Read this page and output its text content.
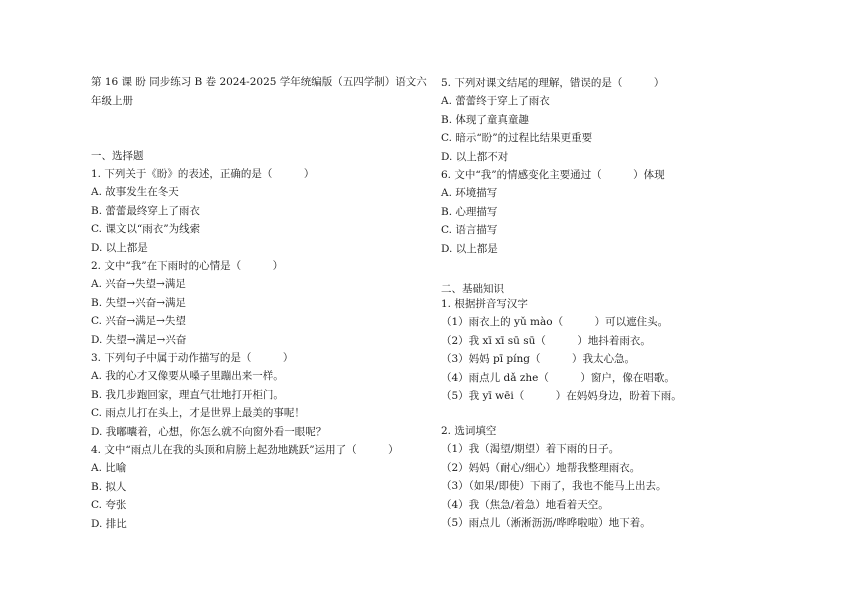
第 16 课 盼 同步练习 B 卷 2024-2025 学年统编版（五四学制）语文六年级上册
一、选择题
1. 下列关于《盼》的表述，正确的是（　　　）
A. 故事发生在冬天
B. 蕾蕾最终穿上了雨衣
C. 课文以“雨衣”为线索
D. 以上都是
2. 文中“我”在下雨时的心情是（　　　）
A. 兴奋→失望→满足
B. 失望→兴奋→满足
C. 兴奋→满足→失望
D. 失望→满足→兴奋
3. 下列句子中属于动作描写的是（　　　）
A. 我的心才又像要从嗓子里蹦出来一样。
B. 我几步跑回家，理直气壮地打开柜门。
C. 雨点儿打在头上，才是世界上最美的事呢！
D. 我嘟囔着，心想，你怎么就不向窗外看一眼呢？
4. 文中“雨点儿在我的头顶和肩膀上起劲地跳跃”运用了（　　　）
A. 比喻
B. 拟人
C. 夸张
D. 排比
5. 下列对课文结尾的理解，错误的是（　　　）
A. 蕾蕾终于穿上了雨衣
B. 体现了童真童趣
C. 暗示“盼”的过程比结果更重要
D. 以上都不对
6. 文中“我”的情感变化主要通过（　　　）体现
A. 环境描写
B. 心理描写
C. 语言描写
D. 以上都是
二、基础知识
1. 根据拼音写汉字
（1）雨衣上的 yǔ mào（　　　）可以遮住头。
（2）我 xī xī sū sū（　　　）地抖着雨衣。
（3）妈妈 pī píng（　　　）我太心急。
（4）雨点儿 dǎ zhe（　　　）窗户，像在唱歌。
（5）我 yī wēi（　　　）在妈妈身边，盼着下雨。
2. 选词填空
（1）我（渴望/期望）着下雨的日子。
（2）妈妈（耐心/细心）地帮我整理雨衣。
（3）（如果/即使）下雨了，我也不能马上出去。
（4）我（焦急/着急）地看着天空。
（5）雨点儿（淅淅沥沥/哗哗啦啦）地下着。
